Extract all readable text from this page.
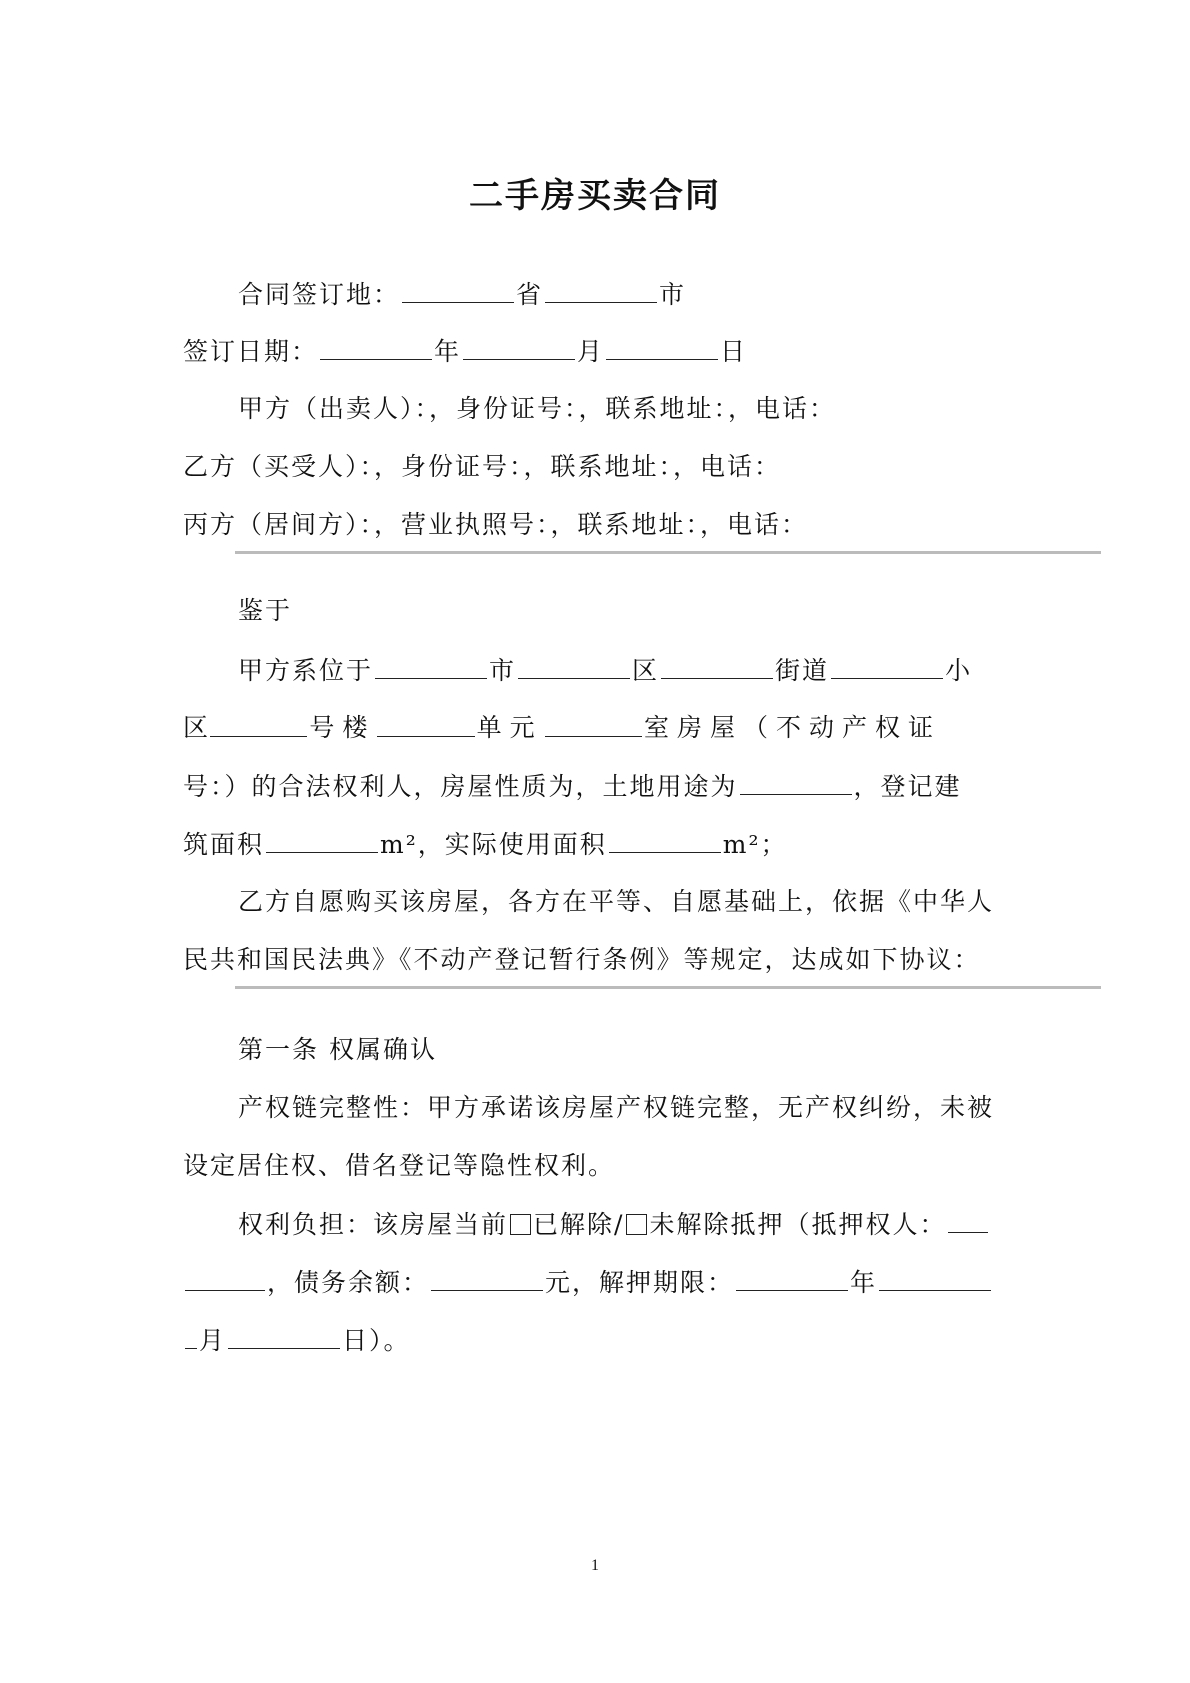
二手房买卖合同
合同签订地：	省	市
签订日期：	年	月	日
甲方（出卖人）：，身份证号：，联系地址：，电话：
乙方（买受人）：，身份证号：，联系地址：，电话：
丙方（居间方）：，营业执照号：，联系地址：，电话：
鉴于
甲方系位于	市	区	街道	小
区	号楼	单元	室房屋（不动产权证
号：）的合法权利人，房屋性质为，土地用途为	，登记建
筑面积	m²，实际使用面积	m²；
乙方自愿购买该房屋，各方在平等、自愿基础上，依据《中华人
民共和国民法典》《不动产登记暂行条例》等规定，达成如下协议：
第一条 权属确认
产权链完整性：甲方承诺该房屋产权链完整，无产权纠纷，未被
设定居住权、借名登记等隐性权利。
权利负担：该房屋当前 已解除/ 未解除抵押（抵押权人：
，债务余额：	元，解押期限：	年
月	日）。
1
